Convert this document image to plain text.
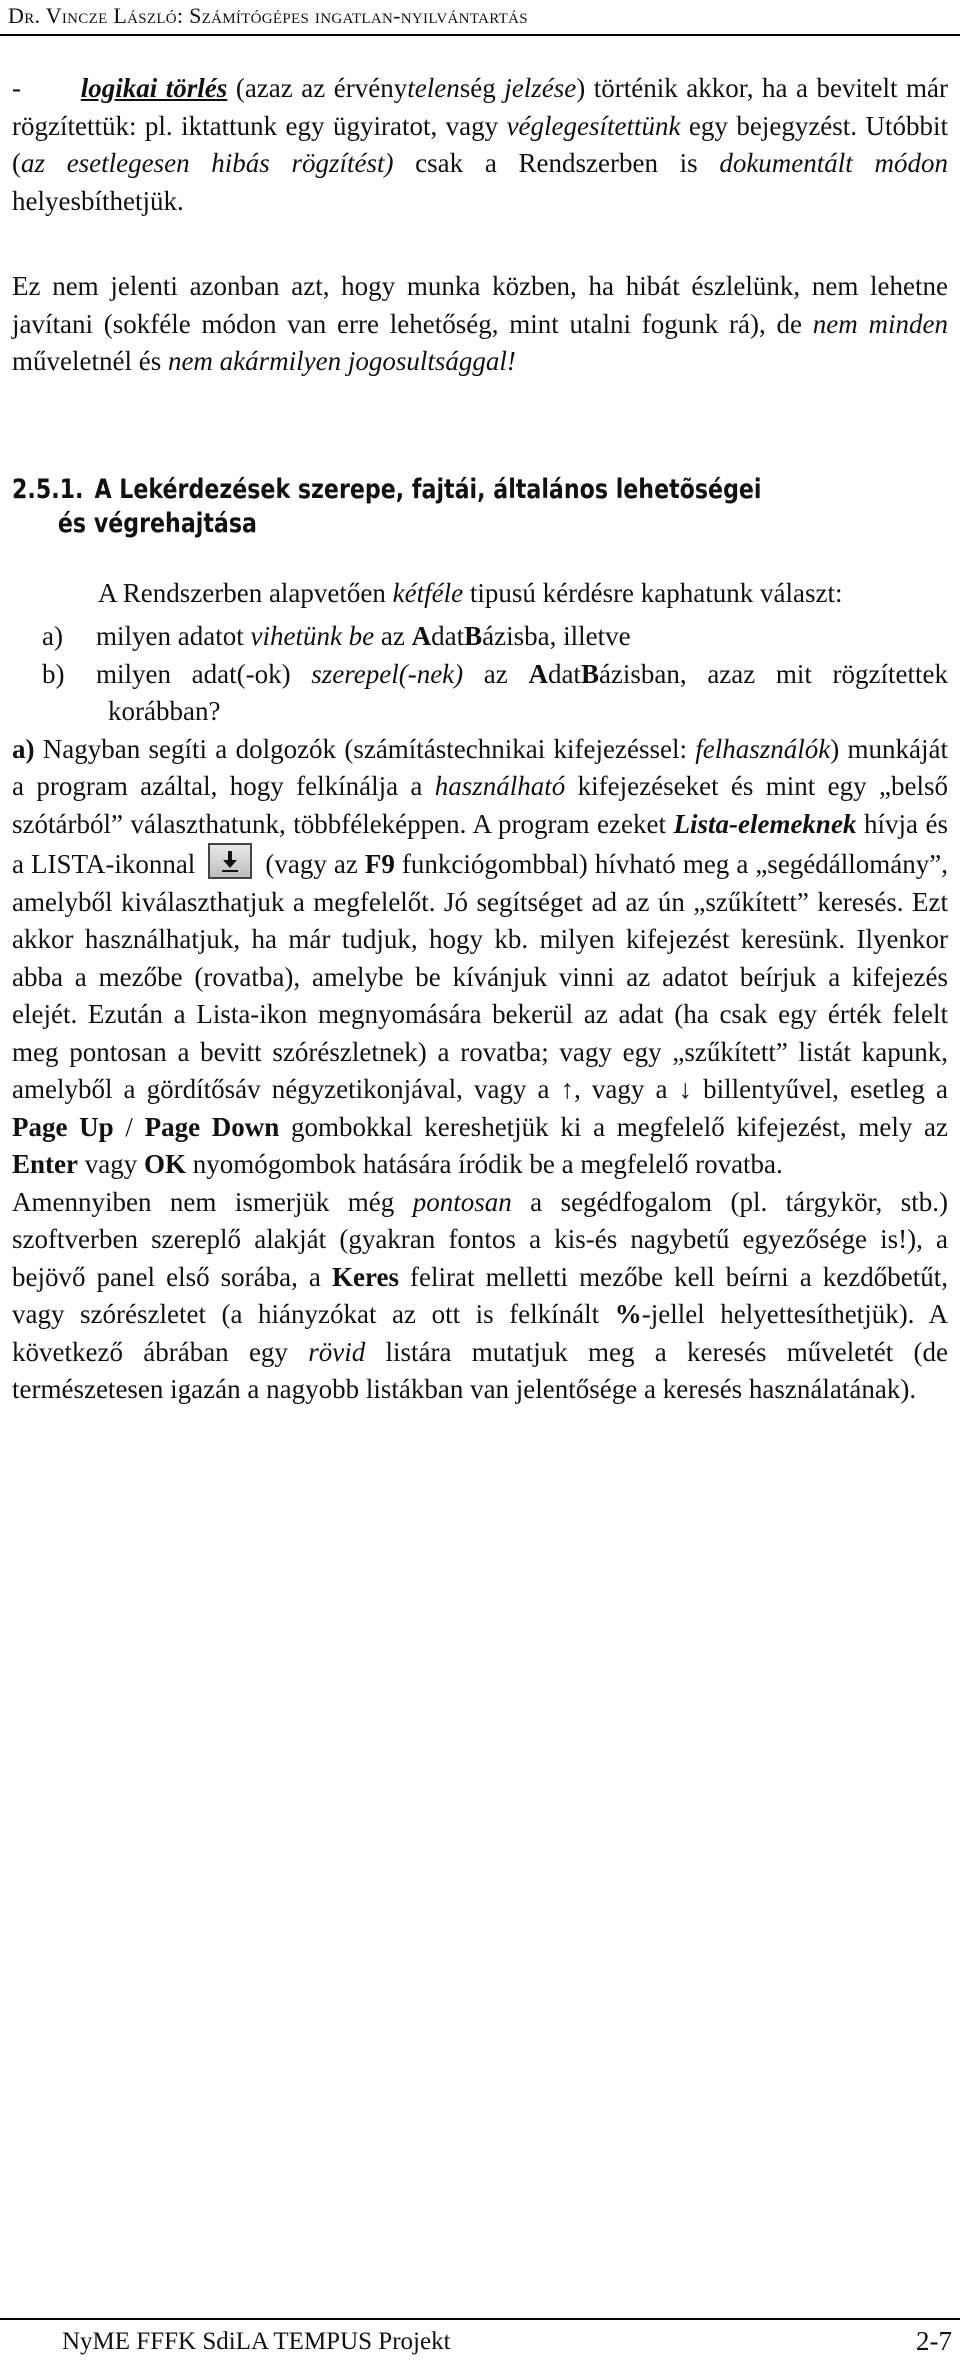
Dr. Vincze László: Számítógépes ingatlan-nyilvántartás

- logikai törlés (azaz az érvénytelenség jelzése) történik akkor, ha a bevitelt már rögzítettük: pl. iktattunk egy ügyiratot, vagy véglegesítettünk egy bejegyzést. Utóbbit (az esetlegesen hibás rögzítést) csak a Rendszerben is dokumentált módon helyesbíthetjük.

Ez nem jelenti azonban azt, hogy munka közben, ha hibát észlelünk, nem lehetne javítani (sokféle módon van erre lehetőség, mint utalni fogunk rá), de nem minden műveletnél és nem akármilyen jogosultsággal!

2.5.1. A Lekérdezések szerepe, fajtái, általános lehetõségei
és végrehajtása

A Rendszerben alapvetően kétféle tipusú kérdésre kaphatunk választ:

a) milyen adatot vihetünk be az AdatBázisba, illetve
b) milyen adat(-ok) szerepel(-nek) az AdatBázisban, azaz mit rögzítettek korábban?

a) Nagyban segíti a dolgozók (számítástechnikai kifejezéssel: felhasználók) munkáját a program azáltal, hogy felkínálja a használható kifejezéseket és mint egy „belső szótárból” választhatunk, többféleképpen. A program ezeket Lista-elemeknek hívja és a LISTA-ikonnal
(vagy az F9 funkciógombbal) hívható meg a „segédállomány”, amelyből kiválaszthatjuk a megfelelőt. Jó segítséget ad az ún „szűkített” keresés. Ezt akkor használhatjuk, ha már tudjuk, hogy kb. milyen kifejezést keresünk. Ilyenkor abba a mezőbe (rovatba), amelybe be kívánjuk vinni az adatot beírjuk a kifejezés elejét. Ezután a Lista-ikon megnyomására bekerül az adat (ha csak egy érték felelt meg pontosan a bevitt szórészletnek) a rovatba; vagy egy „szűkített” listát kapunk, amelyből a gördítősáv négyzetikonjával, vagy a ↑, vagy a ↓ billentyűvel, esetleg a Page Up / Page Down gombokkal kereshetjük ki a megfelelő kifejezést, mely az Enter vagy OK nyomógombok hatására íródik be a megfelelő rovatba.

Amennyiben nem ismerjük még pontosan a segédfogalom (pl. tárgykör, stb.) szoftverben szereplő alakját (gyakran fontos a kis-és nagybetű egyezősége is!), a bejövő panel első sorába, a Keres felirat melletti mezőbe kell beírni a kezdőbetűt, vagy szórészletet (a hiányzókat az ott is felkínált %-jellel helyettesíthetjük). A következő ábrában egy rövid listára mutatjuk meg a keresés műveletét (de természetesen igazán a nagyobb listákban van jelentősége a keresés használatának).

NyME FFFK SdiLA TEMPUS Projekt	2-7
